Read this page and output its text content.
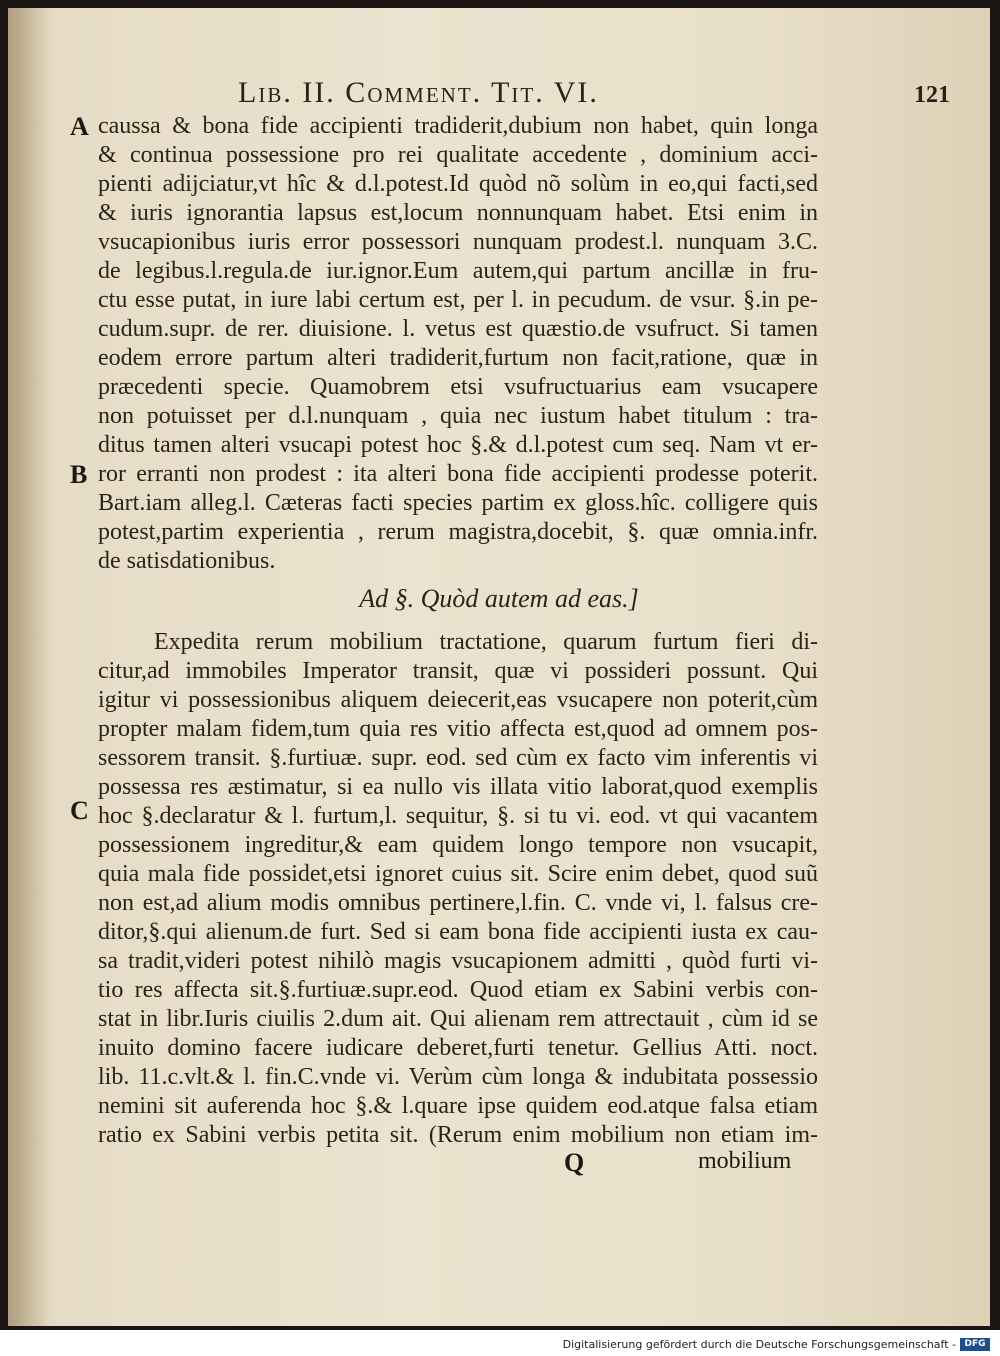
Lib. II. Comment. Tit. VI.	121
A
B
C
caussa & bona fide accipienti tradiderit,dubium non habet, quin longa
& continua possessione pro rei qualitate accedente , dominium acci-
pienti adijciatur,vt hîc & d.l.potest.Id quòd nõ solùm in eo,qui facti,sed
& iuris ignorantia lapsus est,locum nonnunquam habet. Etsi enim in
vsucapionibus iuris error possessori nunquam prodest.l. nunquam 3.C.
de legibus.l.regula.de iur.ignor.Eum autem,qui partum ancillæ in fru-
ctu esse putat, in iure labi certum est, per l. in pecudum. de vsur. §.in pe-
cudum.supr. de rer. diuisione. l. vetus est quæstio.de vsufruct. Si tamen
eodem errore partum alteri tradiderit,furtum non facit,ratione, quæ in
præcedenti specie. Quamobrem etsi vsufructuarius eam vsucapere
non potuisset per d.l.nunquam , quia nec iustum habet titulum : tra-
ditus tamen alteri vsucapi potest hoc §.& d.l.potest cum seq. Nam vt er-
ror erranti non prodest : ita alteri bona fide accipienti prodesse poterit.
Bart.iam alleg.l. Cæteras facti species partim ex gloss.hîc. colligere quis
potest,partim experientia , rerum magistra,docebit, §. quæ omnia.infr.
de satisdationibus.
Ad §. Quòd autem ad eas.]
Expedita rerum mobilium tractatione, quarum furtum fieri di-
citur,ad immobiles Imperator transit, quæ vi possideri possunt. Qui
igitur vi possessionibus aliquem deiecerit,eas vsucapere non poterit,cùm
propter malam fidem,tum quia res vitio affecta est,quod ad omnem pos-
sessorem transit. §.furtiuæ. supr. eod. sed cùm ex facto vim inferentis vi
possessa res æstimatur, si ea nullo vis illata vitio laborat,quod exemplis
hoc §.declaratur & l. furtum,l. sequitur, §. si tu vi. eod. vt qui vacantem
possessionem ingreditur,& eam quidem longo tempore non vsucapit,
quia mala fide possidet,etsi ignoret cuius sit. Scire enim debet, quod suũ
non est,ad alium modis omnibus pertinere,l.fin. C. vnde vi, l. falsus cre-
ditor,§.qui alienum.de furt. Sed si eam bona fide accipienti iusta ex cau-
sa tradit,videri potest nihilò magis vsucapionem admitti , quòd furti vi-
tio res affecta sit.§.furtiuæ.supr.eod. Quod etiam ex Sabini verbis con-
stat in libr.Iuris ciuilis 2.dum ait. Qui alienam rem attrectauit , cùm id se
inuito domino facere iudicare deberet,furti tenetur. Gellius Atti. noct.
lib. 11.c.vlt.& l. fin.C.vnde vi. Verùm cùm longa & indubitata possessio
nemini sit auferenda hoc §.& l.quare ipse quidem eod.atque falsa etiam
ratio ex Sabini verbis petita sit. (Rerum enim mobilium non etiam im-
Q	mobilium
Digitalisierung gefördert durch die Deutsche Forschungsgemeinschaft - DFG
